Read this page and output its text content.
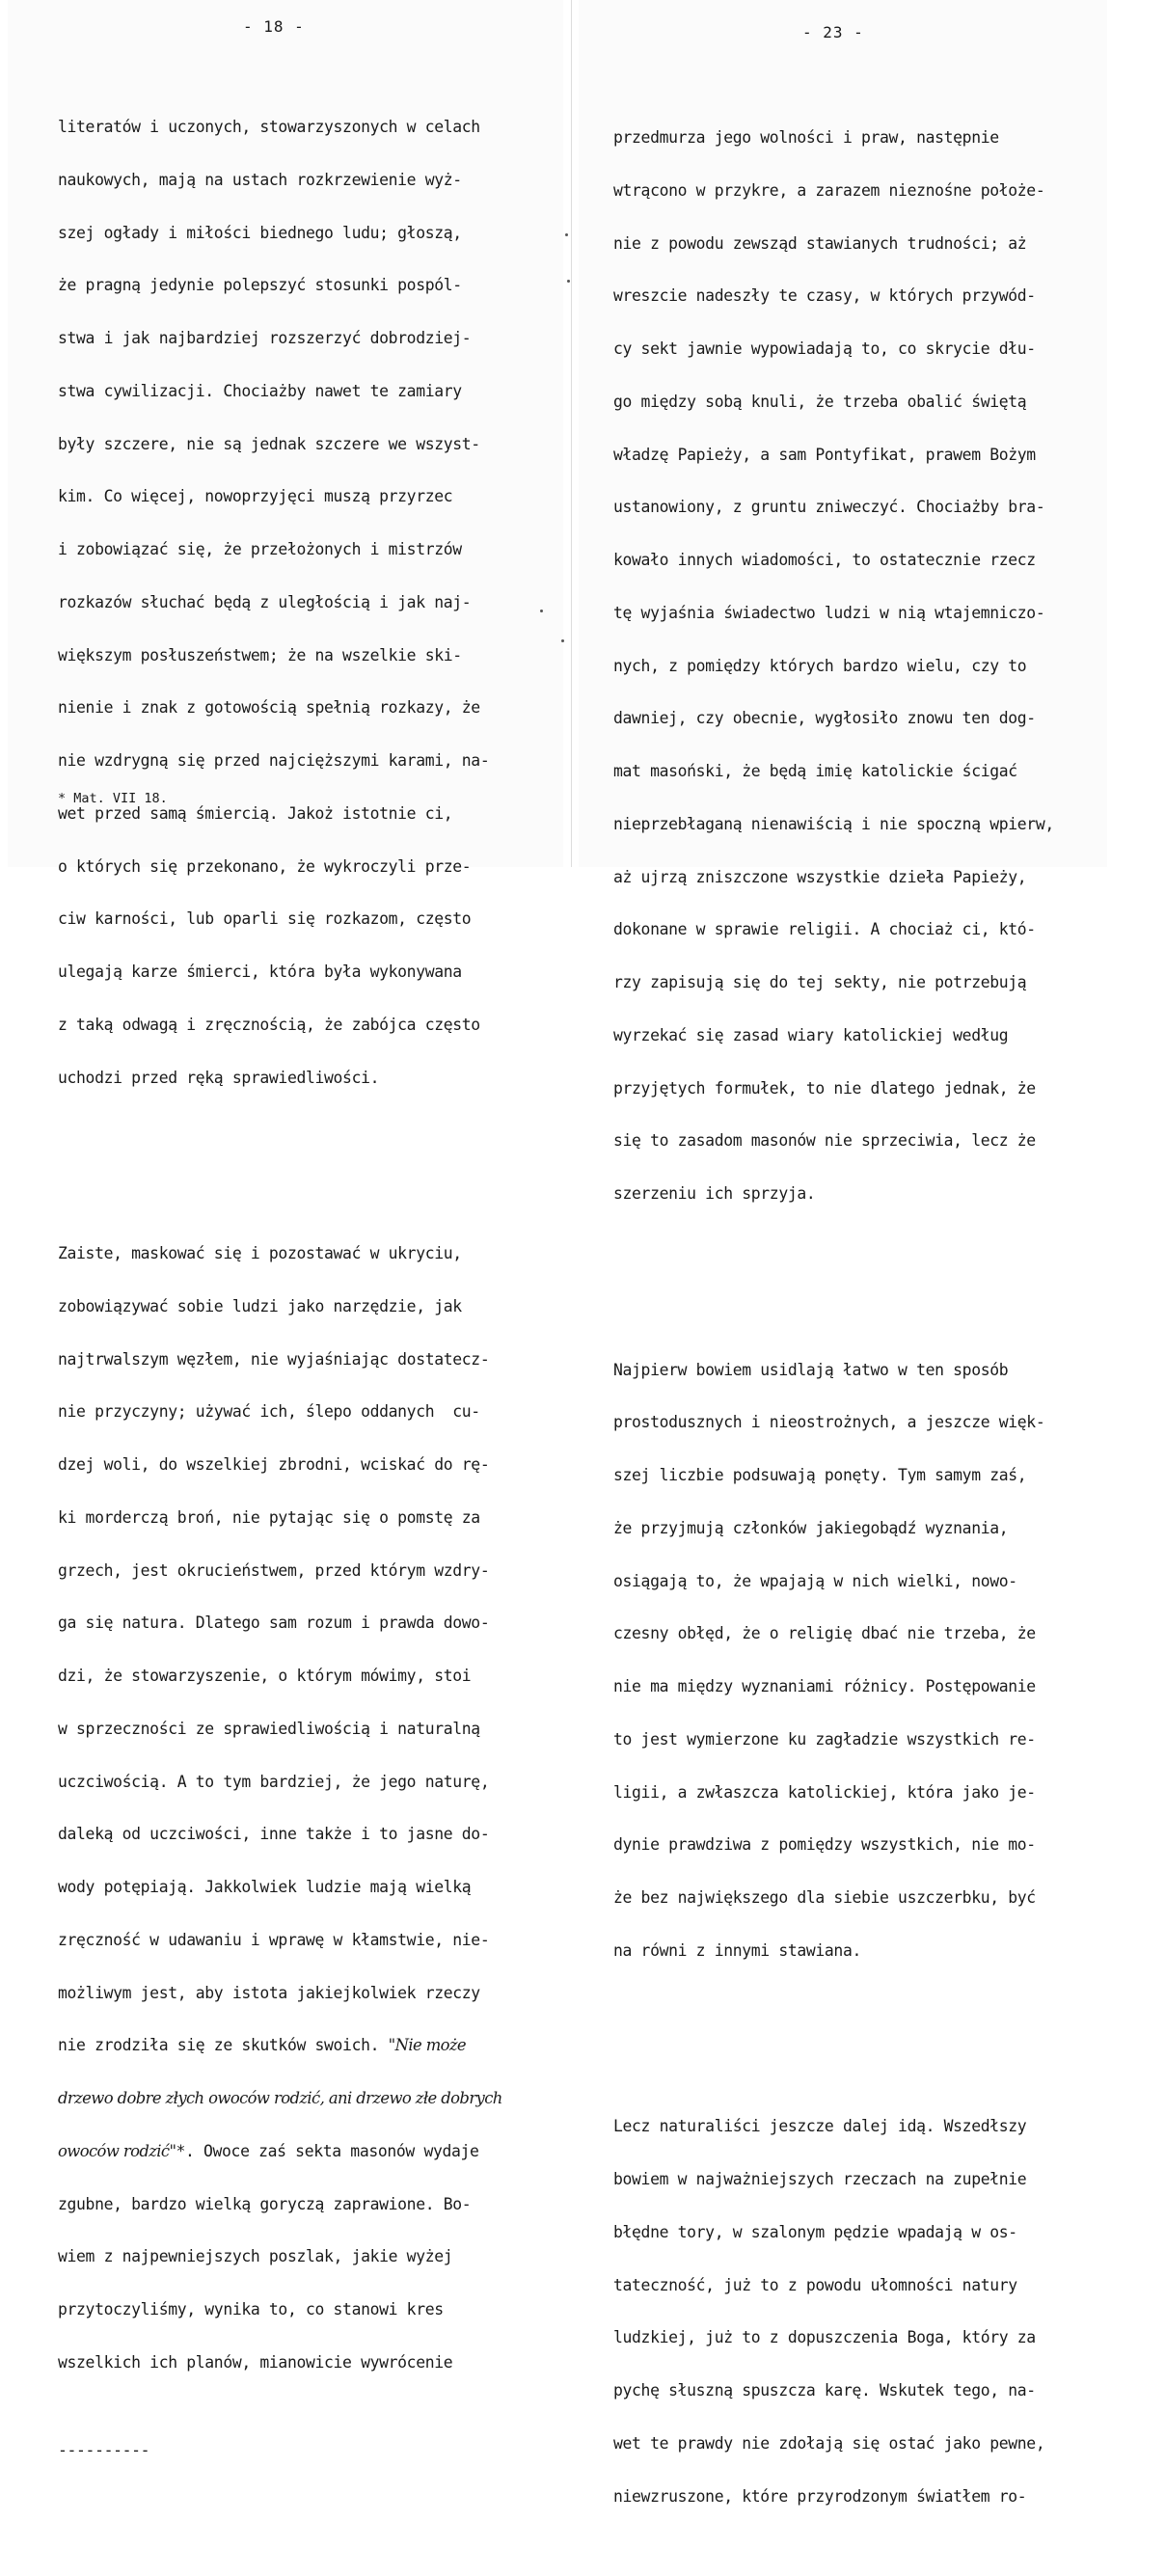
- 18 -

literatów i uczonych, stowarzyszonych w celach

naukowych, mają na ustach rozkrzewienie wyż-

szej ogłady i miłości biednego ludu; głoszą,

że pragną jedynie polepszyć stosunki pospól-

stwa i jak najbardziej rozszerzyć dobrodziej-

stwa cywilizacji. Chociażby nawet te zamiary

były szczere, nie są jednak szczere we wszyst-

kim. Co więcej, nowoprzyjęci muszą przyrzec

i zobowiązać się, że przełożonych i mistrzów

rozkazów słuchać będą z uległością i jak naj-

większym posłuszeństwem; że na wszelkie ski-

nienie i znak z gotowością spełnią rozkazy, że

nie wzdrygną się przed najcięższymi karami, na-

wet przed samą śmiercią. Jakoż istotnie ci,

o których się przekonano, że wykroczyli prze-

ciw karności, lub oparli się rozkazom, często

ulegają karze śmierci, która była wykonywana

z taką odwagą i zręcznością, że zabójca często

uchodzi przed ręką sprawiedliwości.

Zaiste, maskować się i pozostawać w ukryciu,

zobowiązywać sobie ludzi jako narzędzie, jak

najtrwalszym węzłem, nie wyjaśniając dostatecz-

nie przyczyny; używać ich, ślepo oddanych  cu-

dzej woli, do wszelkiej zbrodni, wciskać do rę-

ki morderczą broń, nie pytając się o pomstę za

grzech, jest okrucieństwem, przed którym wzdry-

ga się natura. Dlatego sam rozum i prawda dowo-

dzi, że stowarzyszenie, o którym mówimy, stoi

w sprzeczności ze sprawiedliwością i naturalną

uczciwością. A to tym bardziej, że jego naturę,

daleką od uczciwości, inne także i to jasne do-

wody potępiają. Jakkolwiek ludzie mają wielką

zręczność w udawaniu i wprawę w kłamstwie, nie-

możliwym jest, aby istota jakiejkolwiek rzeczy

nie zrodziła się ze skutków swoich. "Nie może

drzewo dobre złych owoców rodzić, ani drzewo złe dobrych

owoców rodzić"*. Owoce zaś sekta masonów wydaje

zgubne, bardzo wielką goryczą zaprawione. Bo-

wiem z najpewniejszych poszlak, jakie wyżej

przytoczyliśmy, wynika to, co stanowi kres

wszelkich ich planów, mianowicie wywrócenie

----------

* Mat. VII 18.
- 23 -

przedmurza jego wolności i praw, następnie

wtrącono w przykre, a zarazem nieznośne położe-

nie z powodu zewsząd stawianych trudności; aż

wreszcie nadeszły te czasy, w których przywód-

cy sekt jawnie wypowiadają to, co skrycie dłu-

go między sobą knuli, że trzeba obalić świętą

władzę Papieży, a sam Pontyfikat, prawem Bożym

ustanowiony, z gruntu zniweczyć. Chociażby bra-

kowało innych wiadomości, to ostatecznie rzecz

tę wyjaśnia świadectwo ludzi w nią wtajemniczo-

nych, z pomiędzy których bardzo wielu, czy to

dawniej, czy obecnie, wygłosiło znowu ten dog-

mat masoński, że będą imię katolickie ścigać

nieprzebłaganą nienawiścią i nie spoczną wpierw,

aż ujrzą zniszczone wszystkie dzieła Papieży,

dokonane w sprawie religii. A chociaż ci, któ-

rzy zapisują się do tej sekty, nie potrzebują

wyrzekać się zasad wiary katolickiej według

przyjętych formułek, to nie dlatego jednak, że

się to zasadom masonów nie sprzeciwia, lecz że

szerzeniu ich sprzyja.

Najpierw bowiem usidlają łatwo w ten sposób

prostodusznych i nieostrożnych, a jeszcze więk-

szej liczbie podsuwają ponęty. Tym samym zaś,

że przyjmują członków jakiegobądź wyznania,

osiągają to, że wpajają w nich wielki, nowo-

czesny obłęd, że o religię dbać nie trzeba, że

nie ma między wyznaniami różnicy. Postępowanie

to jest wymierzone ku zagładzie wszystkich re-

ligii, a zwłaszcza katolickiej, która jako je-

dynie prawdziwa z pomiędzy wszystkich, nie mo-

że bez największego dla siebie uszczerbku, być

na równi z innymi stawiana.

Lecz naturaliści jeszcze dalej idą. Wszedłszy

bowiem w najważniejszych rzeczach na zupełnie

błędne tory, w szalonym pędzie wpadają w os-

tateczność, już to z powodu ułomności natury

ludzkiej, już to z dopuszczenia Boga, który za

pychę słuszną spuszcza karę. Wskutek tego, na-

wet te prawdy nie zdołają się ostać jako pewne,

niewzruszone, które przyrodzonym światłem ro-
